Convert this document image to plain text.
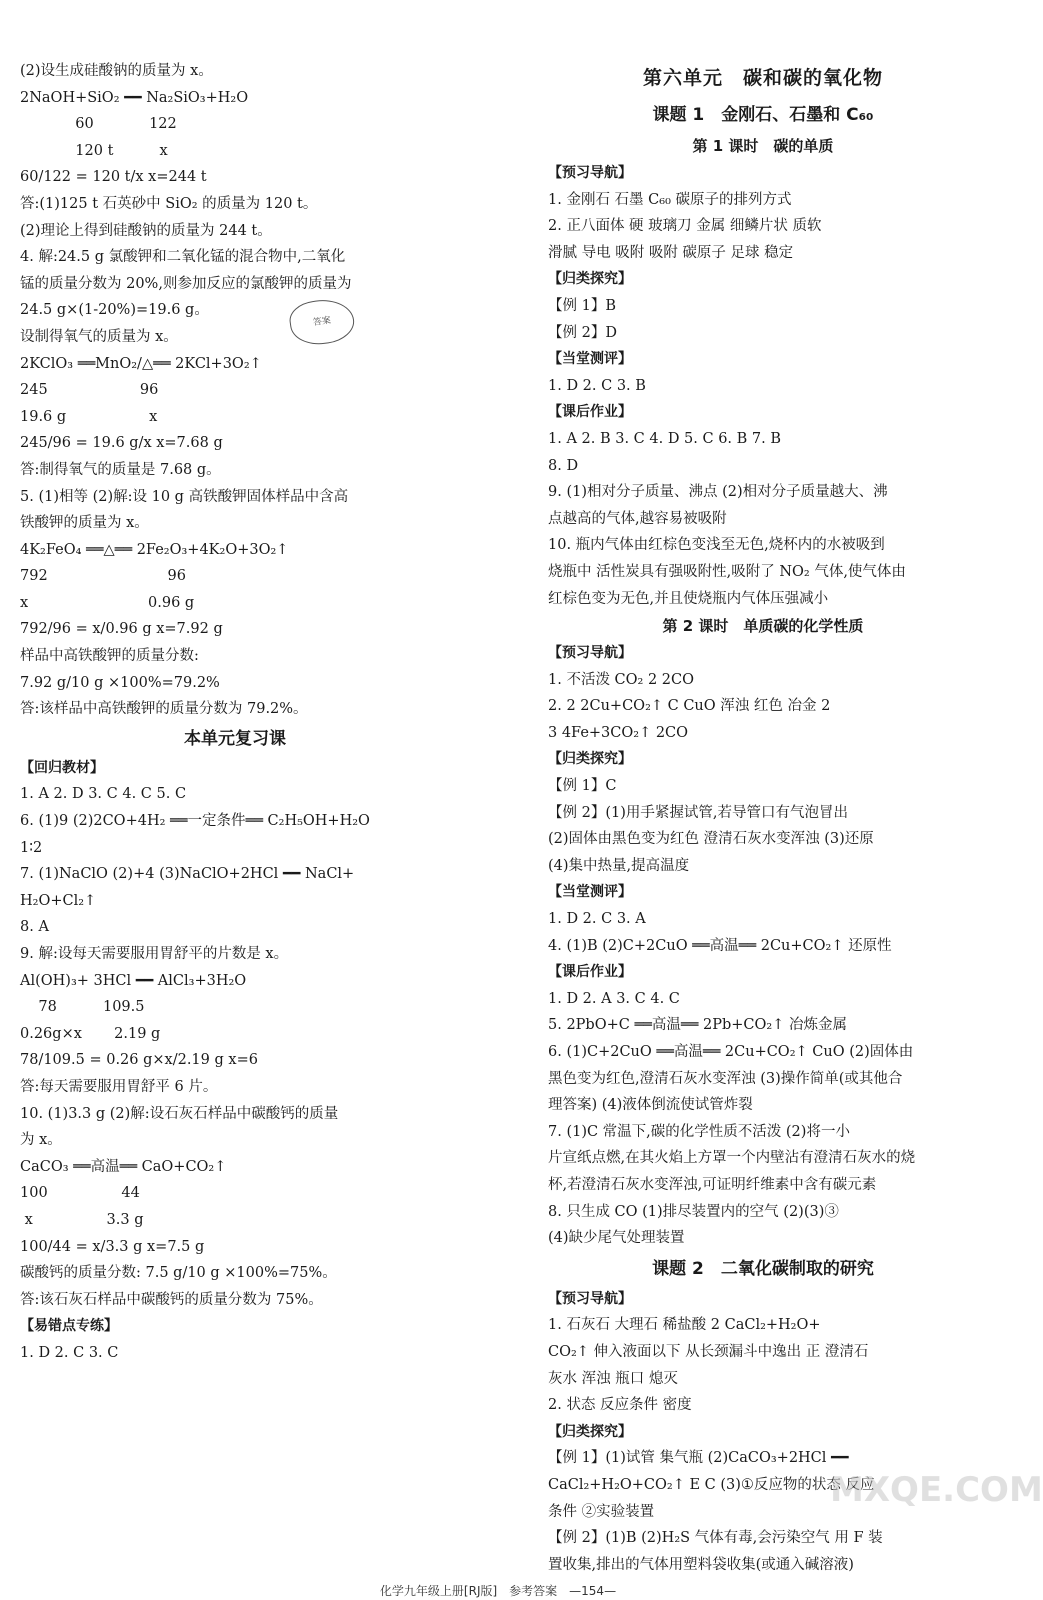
(2)设生成硅酸钠的质量为 x。
2NaOH+SiO₂ ━━ Na₂SiO₃+H₂O
60            122
120 t          x
60/122 = 120 t/x x=244 t
答:(1)125 t 石英砂中 SiO₂ 的质量为 120 t。
(2)理论上得到硅酸钠的质量为 244 t。
4. 解:24.5 g 氯酸钾和二氧化锰的混合物中,二氧化
锰的质量分数为 20%,则参加反应的氯酸钾的质量为
24.5 g×(1-20%)=19.6 g。
设制得氧气的质量为 x。
2KClO₃ ══MnO₂/△══ 2KCl+3O₂↑
245                    96
19.6 g                  x
245/96 = 19.6 g/x x=7.68 g
答:制得氧气的质量是 7.68 g。
5. (1)相等 (2)解:设 10 g 高铁酸钾固体样品中含高
铁酸钾的质量为 x。
4K₂FeO₄ ══△══ 2Fe₂O₃+4K₂O+3O₂↑
792                          96
x                          0.96 g
792/96 = x/0.96 g x=7.92 g
样品中高铁酸钾的质量分数:
7.92 g/10 g ×100%=79.2%
答:该样品中高铁酸钾的质量分数为 79.2%。
本单元复习课
【回归教材】
1. A 2. D 3. C 4. C 5. C
6. (1)9 (2)2CO+4H₂ ══一定条件══ C₂H₅OH+H₂O
1∶2
7. (1)NaClO (2)+4 (3)NaClO+2HCl ━━ NaCl+
H₂O+Cl₂↑
8. A
9. 解:设每天需要服用胃舒平的片数是 x。
Al(OH)₃+ 3HCl ━━ AlCl₃+3H₂O
78          109.5
0.26g×x       2.19 g
78/109.5 = 0.26 g×x/2.19 g x=6
答:每天需要服用胃舒平 6 片。
10. (1)3.3 g (2)解:设石灰石样品中碳酸钙的质量
为 x。
CaCO₃ ══高温══ CaO+CO₂↑
100                44
x                3.3 g
100/44 = x/3.3 g x=7.5 g
碳酸钙的质量分数: 7.5 g/10 g ×100%=75%。
答:该石灰石样品中碳酸钙的质量分数为 75%。
【易错点专练】
1. D 2. C 3. C
第六单元　碳和碳的氧化物
课题 1　金刚石、石墨和 C₆₀
第 1 课时　碳的单质
【预习导航】
1. 金刚石 石墨 C₆₀ 碳原子的排列方式
2. 正八面体 硬 玻璃刀 金属 细鳞片状 质软
滑腻 导电 吸附 吸附 碳原子 足球 稳定
【归类探究】
【例 1】B
【例 2】D
【当堂测评】
1. D 2. C 3. B
【课后作业】
1. A 2. B 3. C 4. D 5. C 6. B 7. B
8. D
9. (1)相对分子质量、沸点 (2)相对分子质量越大、沸
点越高的气体,越容易被吸附
10. 瓶内气体由红棕色变浅至无色,烧杯内的水被吸到
烧瓶中 活性炭具有强吸附性,吸附了 NO₂ 气体,使气体由
红棕色变为无色,并且使烧瓶内气体压强减小
第 2 课时　单质碳的化学性质
【预习导航】
1. 不活泼 CO₂ 2 2CO
2. 2 2Cu+CO₂↑ C CuO 浑浊 红色 冶金 2
3 4Fe+3CO₂↑ 2CO
【归类探究】
【例 1】C
【例 2】(1)用手紧握试管,若导管口有气泡冒出
(2)固体由黑色变为红色 澄清石灰水变浑浊 (3)还原
(4)集中热量,提高温度
【当堂测评】
1. D 2. C 3. A
4. (1)B (2)C+2CuO ══高温══ 2Cu+CO₂↑ 还原性
【课后作业】
1. D 2. A 3. C 4. C
5. 2PbO+C ══高温══ 2Pb+CO₂↑ 冶炼金属
6. (1)C+2CuO ══高温══ 2Cu+CO₂↑ CuO (2)固体由
黑色变为红色,澄清石灰水变浑浊 (3)操作简单(或其他合
理答案) (4)液体倒流使试管炸裂
7. (1)C 常温下,碳的化学性质不活泼 (2)将一小
片宣纸点燃,在其火焰上方罩一个内壁沾有澄清石灰水的烧
杯,若澄清石灰水变浑浊,可证明纤维素中含有碳元素
8. 只生成 CO (1)排尽装置内的空气 (2)(3)③
(4)缺少尾气处理装置
课题 2　二氧化碳制取的研究
【预习导航】
1. 石灰石 大理石 稀盐酸 2 CaCl₂+H₂O+
CO₂↑ 伸入液面以下 从长颈漏斗中逸出 正 澄清石
灰水 浑浊 瓶口 熄灭
2. 状态 反应条件 密度
【归类探究】
【例 1】(1)试管 集气瓶 (2)CaCO₃+2HCl ━━
CaCl₂+H₂O+CO₂↑ E C (3)①反应物的状态 反应
条件 ②实验装置
【例 2】(1)B (2)H₂S 气体有毒,会污染空气 用 F 装
置收集,排出的气体用塑料袋收集(或通入碱溶液)
答案
MXQE.COM
化学九年级上册[RJ版]　参考答案　—154—
